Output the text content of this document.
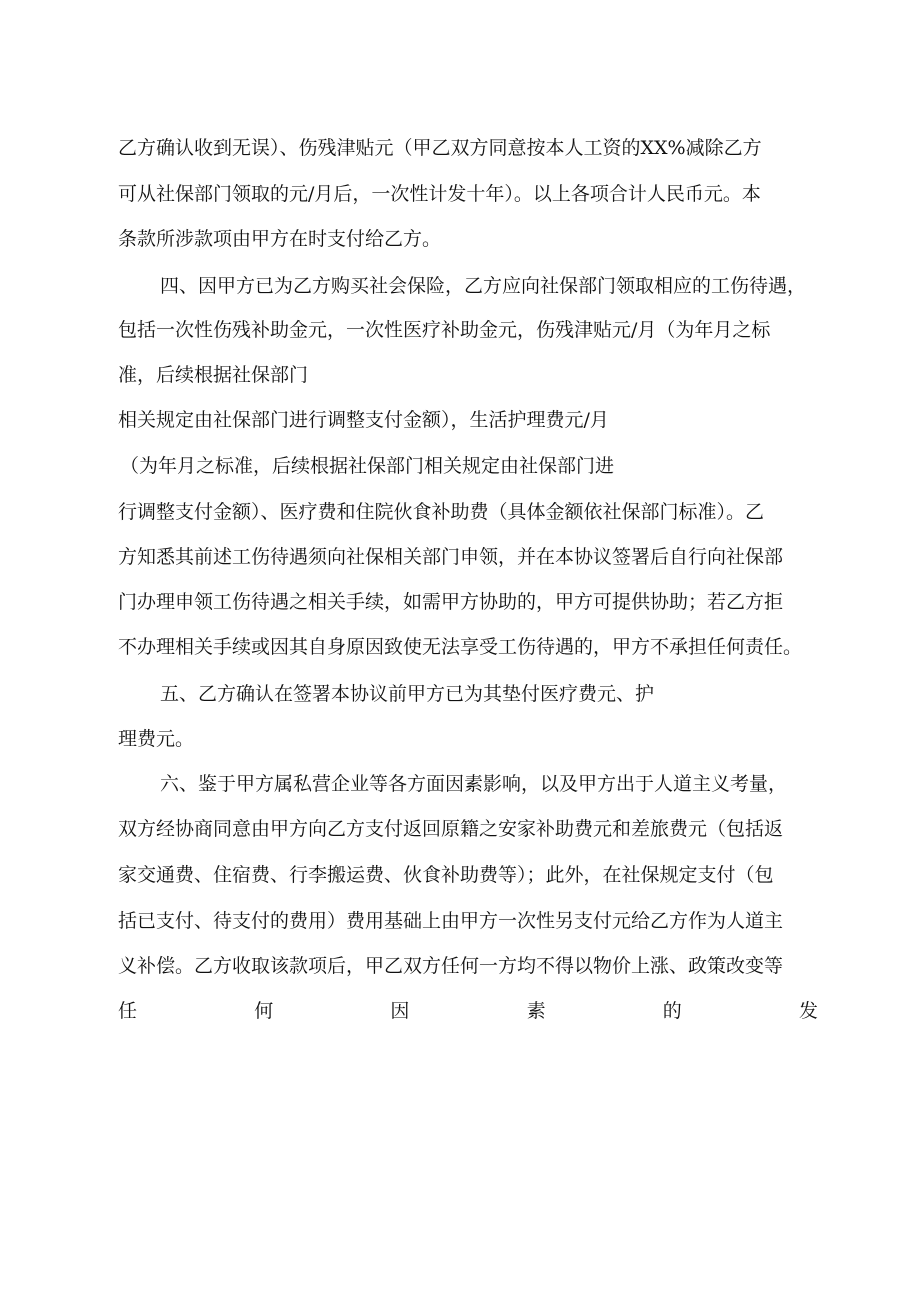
乙方确认收到无误）、伤残津贴元（甲乙双方同意按本人工资的XX%减除乙方
可从社保部门领取的元/月后，一次性计发十年）。以上各项合计人民币元。本
条款所涉款项由甲方在时支付给乙方。
四、因甲方已为乙方购买社会保险，乙方应向社保部门领取相应的工伤待遇，
包括一次性伤残补助金元，一次性医疗补助金元，伤残津贴元/月（为年月之标
准，后续根据社保部门
相关规定由社保部门进行调整支付金额），生活护理费元/月
（为年月之标准，后续根据社保部门相关规定由社保部门进
行调整支付金额）、医疗费和住院伙食补助费（具体金额依社保部门标准）。乙
方知悉其前述工伤待遇须向社保相关部门申领，并在本协议签署后自行向社保部
门办理申领工伤待遇之相关手续，如需甲方协助的，甲方可提供协助；若乙方拒
不办理相关手续或因其自身原因致使无法享受工伤待遇的，甲方不承担任何责任。
五、乙方确认在签署本协议前甲方已为其垫付医疗费元、护
理费元。
六、鉴于甲方属私营企业等各方面因素影响，以及甲方出于人道主义考量，
双方经协商同意由甲方向乙方支付返回原籍之安家补助费元和差旅费元（包括返
家交通费、住宿费、行李搬运费、伙食补助费等）；此外，在社保规定支付（包
括已支付、待支付的费用）费用基础上由甲方一次性另支付元给乙方作为人道主
义补偿。乙方收取该款项后，甲乙双方任何一方均不得以物价上涨、政策改变等
任	何	因	素	的	发
